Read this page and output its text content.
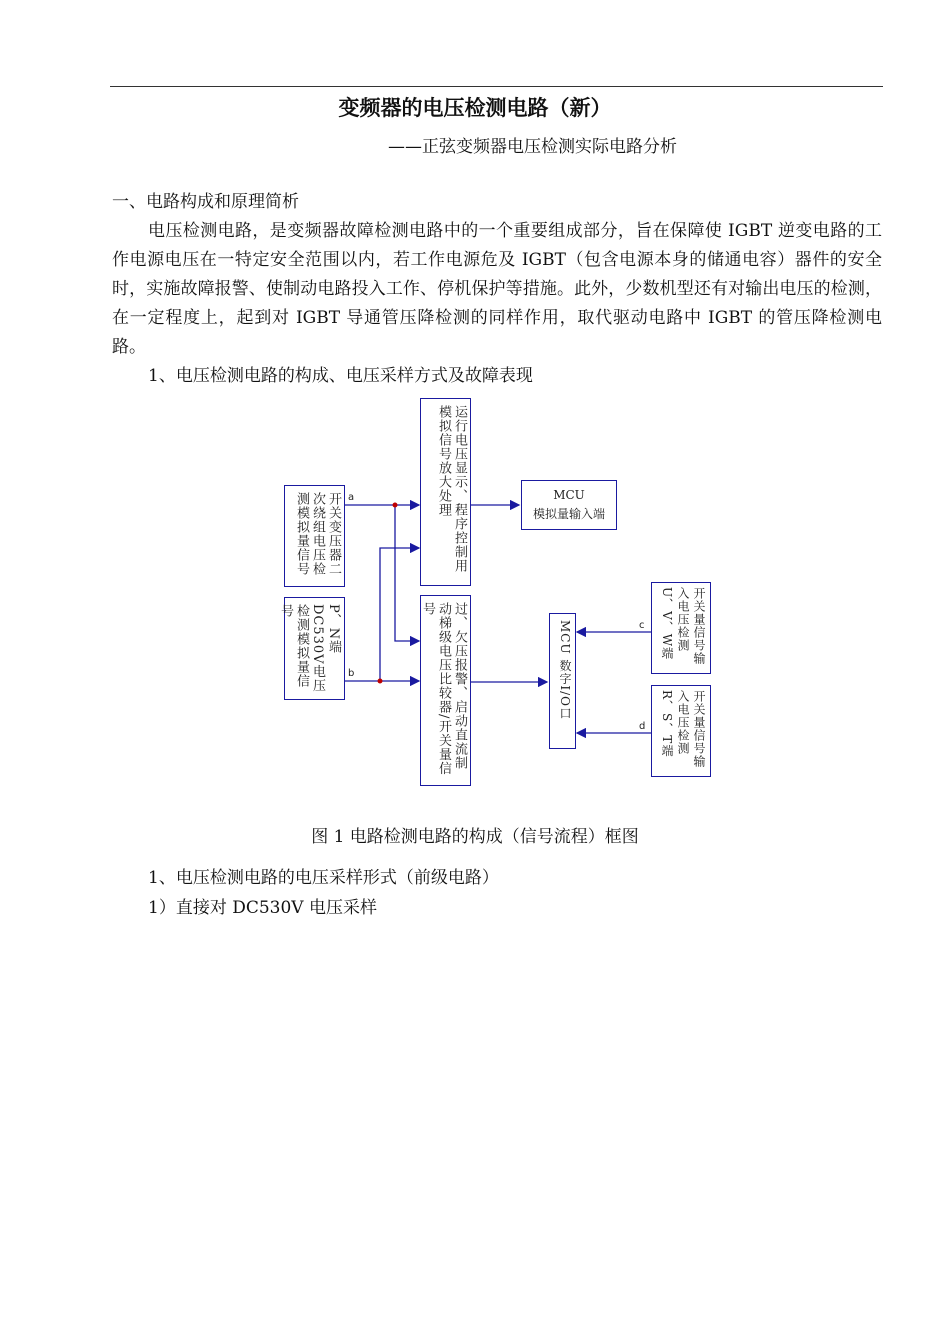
变频器的电压检测电路（新）
——正弦变频器电压检测实际电路分析
一、电路构成和原理简析

电压检测电路，是变频器故障检测电路中的一个重要组成部分，旨在保障使 IGBT 逆变电路的工作电源电压在一特定安全范围以内，若工作电源危及 IGBT（包含电源本身的储通电容）器件的安全时，实施故障报警、使制动电路投入工作、停机保护等措施。此外，少数机型还有对输出电压的检测，在一定程度上，起到对 IGBT 导通管压降检测的同样作用，取代驱动电路中 IGBT 的管压降检测电路。

1、电压检测电路的构成、电压采样方式及故障表现
a
b
c
d
开关变压器二次绕组电压检测模拟量信号
P、N端DC530V电压检测模拟量信号
运行电压显示、程序控制用模拟信号放大处理
过、欠压报警、启动直流制动梯级电压比较器/开关量信号
MCU
模拟量输入端
MCU 数字I/O口	开关量信号输入电压检测U、V、W端
开关量信号输入电压检测R、S、T端
图 1 电路检测电路的构成（信号流程）框图
1、电压检测电路的电压采样形式（前级电路）
1）直接对 DC530V 电压采样
